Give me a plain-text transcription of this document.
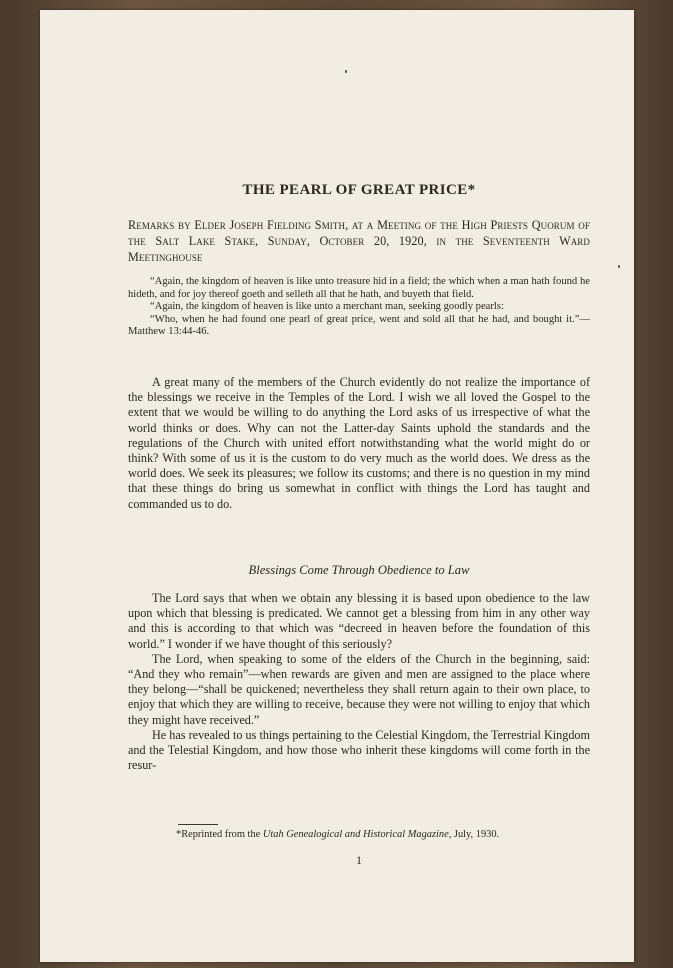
THE PEARL OF GREAT PRICE*
Remarks by Elder Joseph Fielding Smith, at a Meeting of the High Priests Quorum of the Salt Lake Stake, Sunday, October 20, 1920, in the Seventeenth Ward Meetinghouse

“Again, the kingdom of heaven is like unto treasure hid in a field; the which when a man hath found he hideth, and for joy thereof goeth and selleth all that he hath, and buyeth that field.

“Again, the kingdom of heaven is like unto a merchant man, seeking goodly pearls:

“Who, when he had found one pearl of great price, went and sold all that he had, and bought it.”—Matthew 13:44-46.

A great many of the members of the Church evidently do not realize the importance of the blessings we receive in the Temples of the Lord. I wish we all loved the Gospel to the extent that we would be willing to do anything the Lord asks of us irrespective of what the world thinks or does. Why can not the Latter-day Saints uphold the standards and the regulations of the Church with united effort notwithstanding what the world might do or think? With some of us it is the custom to do very much as the world does. We dress as the world does. We seek its pleasures; we follow its customs; and there is no question in my mind that these things do bring us somewhat in conflict with things the Lord has taught and commanded us to do.

Blessings Come Through Obedience to Law

The Lord says that when we obtain any blessing it is based upon obedience to the law upon which that blessing is predicated. We cannot get a blessing from him in any other way and this is according to that which was “decreed in heaven before the foundation of this world.” I wonder if we have thought of this seriously?

The Lord, when speaking to some of the elders of the Church in the beginning, said: “And they who remain”—when rewards are given and men are assigned to the place where they belong—“shall be quickened; nevertheless they shall return again to their own place, to enjoy that which they are willing to receive, because they were not willing to enjoy that which they might have received.”

He has revealed to us things pertaining to the Celestial Kingdom, the Terrestrial Kingdom and the Telestial Kingdom, and how those who inherit these kingdoms will come forth in the resur-

*Reprinted from the Utah Genealogical and Historical Magazine, July, 1930.
1
